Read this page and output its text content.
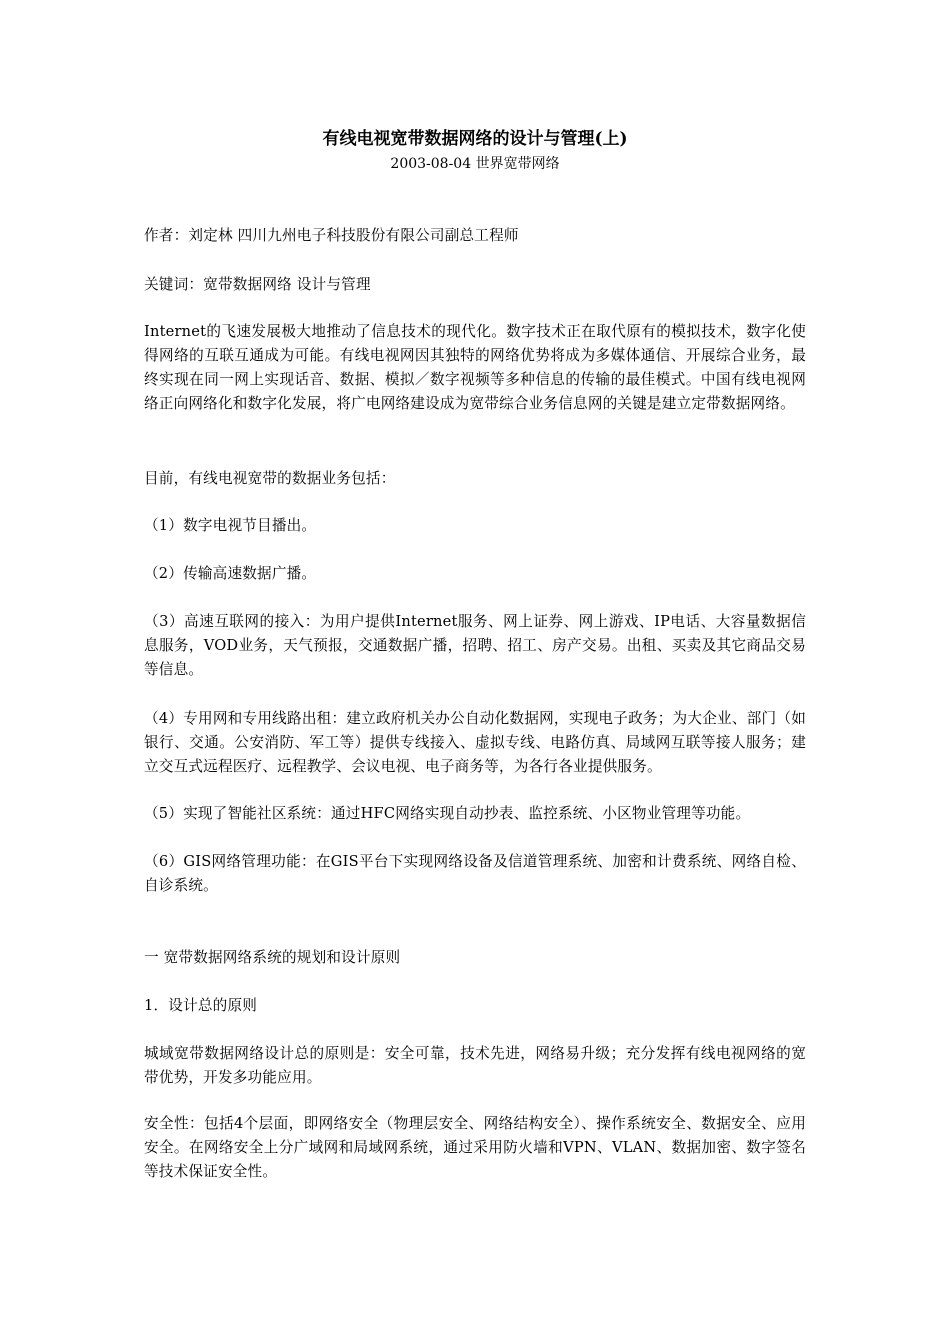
有线电视宽带数据网络的设计与管理(上)
2003-08-04 世界宽带网络

作者：刘定林 四川九州电子科技股份有限公司副总工程师

关键词：宽带数据网络 设计与管理

Internet的飞速发展极大地推动了信息技术的现代化。数字技术正在取代原有的模拟技术，数字化使得网络的互联互通成为可能。有线电视网因其独特的网络优势将成为多媒体通信、开展综合业务，最终实现在同一网上实现话音、数据、模拟／数字视频等多种信息的传输的最佳模式。中国有线电视网络正向网络化和数字化发展，将广电网络建设成为宽带综合业务信息网的关键是建立定带数据网络。

目前，有线电视宽带的数据业务包括：

（1）数字电视节目播出。

（2）传输高速数据广播。

（3）高速互联网的接入：为用户提供Internet服务、网上证券、网上游戏、IP电话、大容量数据信息服务，VOD业务，天气预报，交通数据广播，招聘、招工、房产交易。出租、买卖及其它商品交易等信息。

（4）专用网和专用线路出租：建立政府机关办公自动化数据网，实现电子政务；为大企业、部门（如银行、交通。公安消防、军工等）提供专线接入、虚拟专线、电路仿真、局域网互联等接人服务；建立交互式远程医疗、远程教学、会议电视、电子商务等，为各行各业提供服务。

（5）实现了智能社区系统：通过HFC网络实现自动抄表、监控系统、小区物业管理等功能。

（6）GIS网络管理功能：在GIS平台下实现网络设备及信道管理系统、加密和计费系统、网络自检、自诊系统。

一 宽带数据网络系统的规划和设计原则

1．设计总的原则

城域宽带数据网络设计总的原则是：安全可靠，技术先进，网络易升级；充分发挥有线电视网络的宽带优势，开发多功能应用。

安全性：包括4个层面，即网络安全（物理层安全、网络结构安全）、操作系统安全、数据安全、应用安全。在网络安全上分广域网和局域网系统，通过采用防火墙和VPN、VLAN、数据加密、数字签名等技术保证安全性。
